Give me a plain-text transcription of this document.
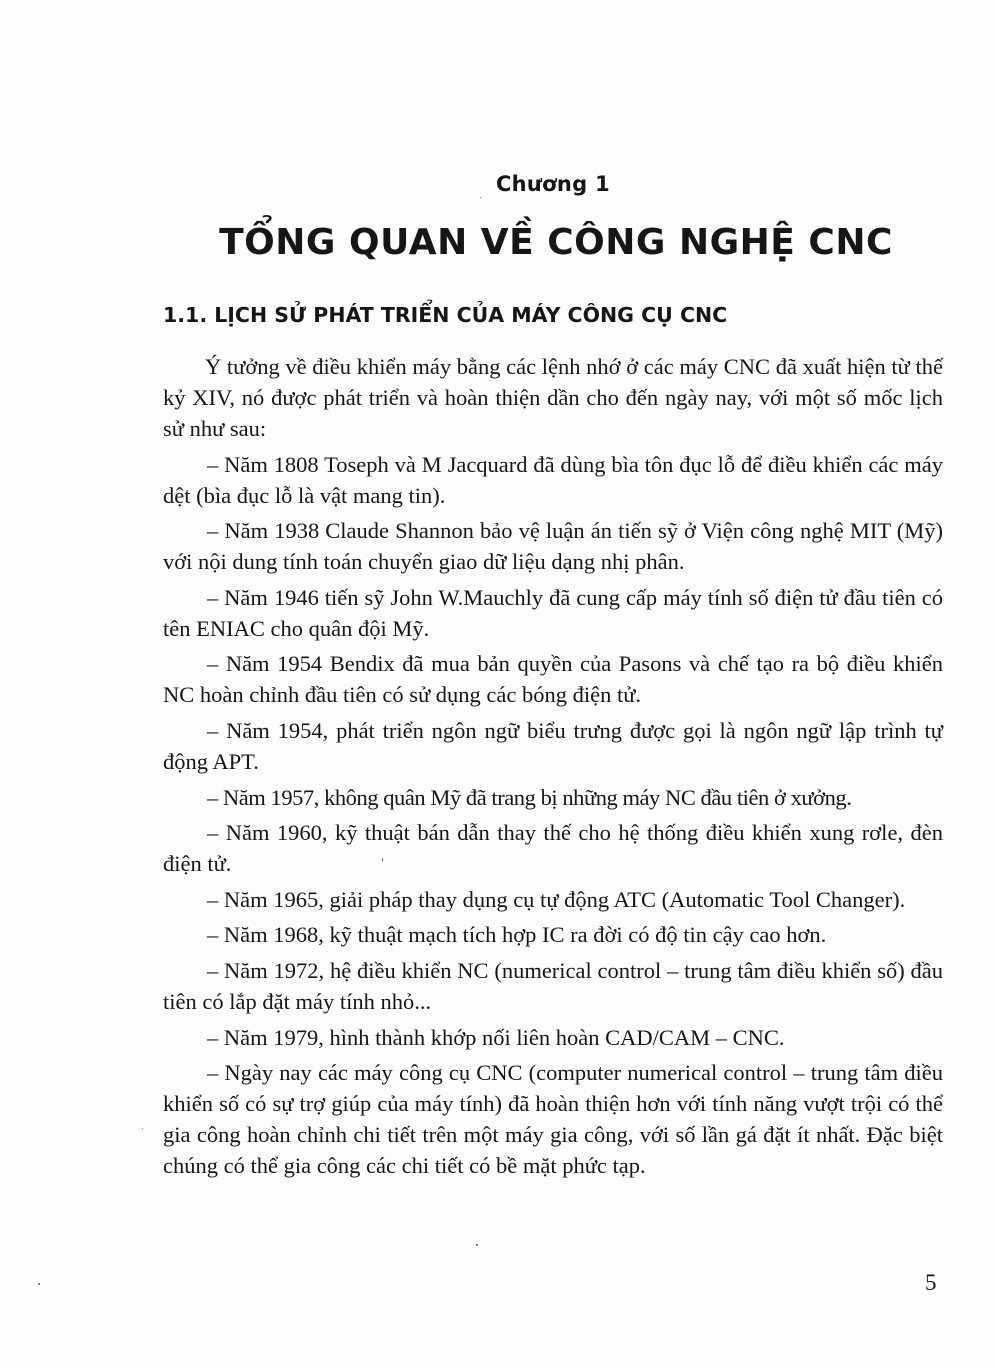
Chương 1
TỔNG QUAN VỀ CÔNG NGHỆ CNC
1.1. LỊCH SỬ PHÁT TRIỂN CỦA MÁY CÔNG CỤ CNC

Ý tưởng về điều khiển máy bằng các lệnh nhớ ở các máy CNC đã xuất hiện từ thế kỷ XIV, nó được phát triển và hoàn thiện dần cho đến ngày nay, với một số mốc lịch sử như sau:

– Năm 1808 Toseph và M Jacquard đã dùng bìa tôn đục lỗ để điều khiển các máy dệt (bìa đục lỗ là vật mang tin).

– Năm 1938 Claude Shannon bảo vệ luận án tiến sỹ ở Viện công nghệ MIT (Mỹ) với nội dung tính toán chuyển giao dữ liệu dạng nhị phân.

– Năm 1946 tiến sỹ John W.Mauchly đã cung cấp máy tính số điện tử đầu tiên có tên ENIAC cho quân đội Mỹ.

– Năm 1954 Bendix đã mua bản quyền của Pasons và chế tạo ra bộ điều khiển NC hoàn chỉnh đầu tiên có sử dụng các bóng điện tử.

– Năm 1954, phát triển ngôn ngữ biểu trưng được gọi là ngôn ngữ lập trình tự động APT.

– Năm 1957, không quân Mỹ đã trang bị những máy NC đầu tiên ở xưởng.

– Năm 1960, kỹ thuật bán dẫn thay thế cho hệ thống điều khiển xung rơle, đèn điện tử.

– Năm 1965, giải pháp thay dụng cụ tự động ATC (Automatic Tool Changer).

– Năm 1968, kỹ thuật mạch tích hợp IC ra đời có độ tin cậy cao hơn.

– Năm 1972, hệ điều khiển NC (numerical control – trung tâm điều khiển số) đầu tiên có lắp đặt máy tính nhỏ...

– Năm 1979, hình thành khớp nối liên hoàn CAD/CAM – CNC.

– Ngày nay các máy công cụ CNC (computer numerical control – trung tâm điều khiển số có sự trợ giúp của máy tính) đã hoàn thiện hơn với tính năng vượt trội có thể gia công hoàn chỉnh chi tiết trên một máy gia công, với số lần gá đặt ít nhất. Đặc biệt chúng có thể gia công các chi tiết có bề mặt phức tạp.

5
